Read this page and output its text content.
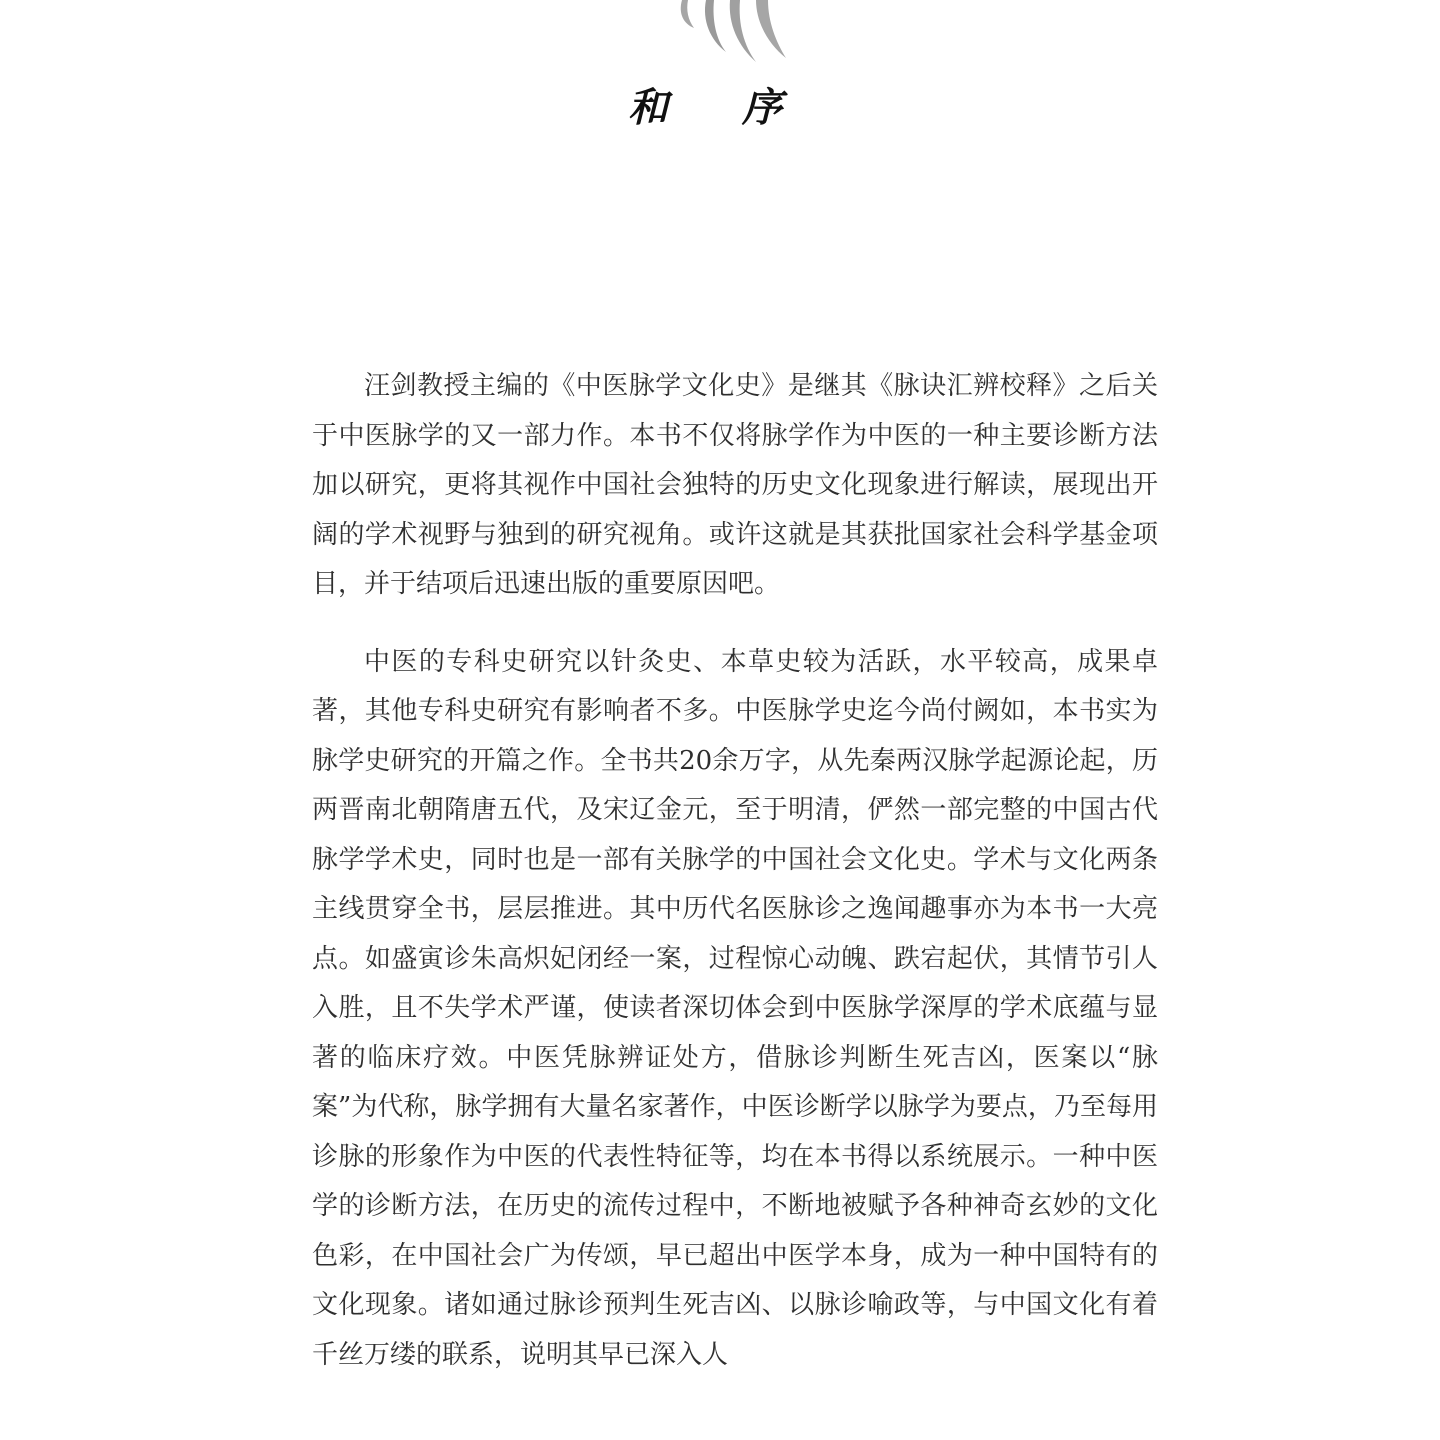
和 序

汪剑教授主编的《中医脉学文化史》是继其《脉诀汇辨校释》之后关于中医脉学的又一部力作。本书不仅将脉学作为中医的一种主要诊断方法加以研究，更将其视作中国社会独特的历史文化现象进行解读，展现出开阔的学术视野与独到的研究视角。或许这就是其获批国家社会科学基金项目，并于结项后迅速出版的重要原因吧。

中医的专科史研究以针灸史、本草史较为活跃，水平较高，成果卓著，其他专科史研究有影响者不多。中医脉学史迄今尚付阙如，本书实为脉学史研究的开篇之作。全书共20余万字，从先秦两汉脉学起源论起，历两晋南北朝隋唐五代，及宋辽金元，至于明清，俨然一部完整的中国古代脉学学术史，同时也是一部有关脉学的中国社会文化史。学术与文化两条主线贯穿全书，层层推进。其中历代名医脉诊之逸闻趣事亦为本书一大亮点。如盛寅诊朱高炽妃闭经一案，过程惊心动魄、跌宕起伏，其情节引人入胜，且不失学术严谨，使读者深切体会到中医脉学深厚的学术底蕴与显著的临床疗效。中医凭脉辨证处方，借脉诊判断生死吉凶，医案以“脉案”为代称，脉学拥有大量名家著作，中医诊断学以脉学为要点，乃至每用诊脉的形象作为中医的代表性特征等，均在本书得以系统展示。一种中医学的诊断方法，在历史的流传过程中，不断地被赋予各种神奇玄妙的文化色彩，在中国社会广为传颂，早已超出中医学本身，成为一种中国特有的文化现象。诸如通过脉诊预判生死吉凶、以脉诊喻政等，与中国文化有着千丝万缕的联系，说明其早已深入人
